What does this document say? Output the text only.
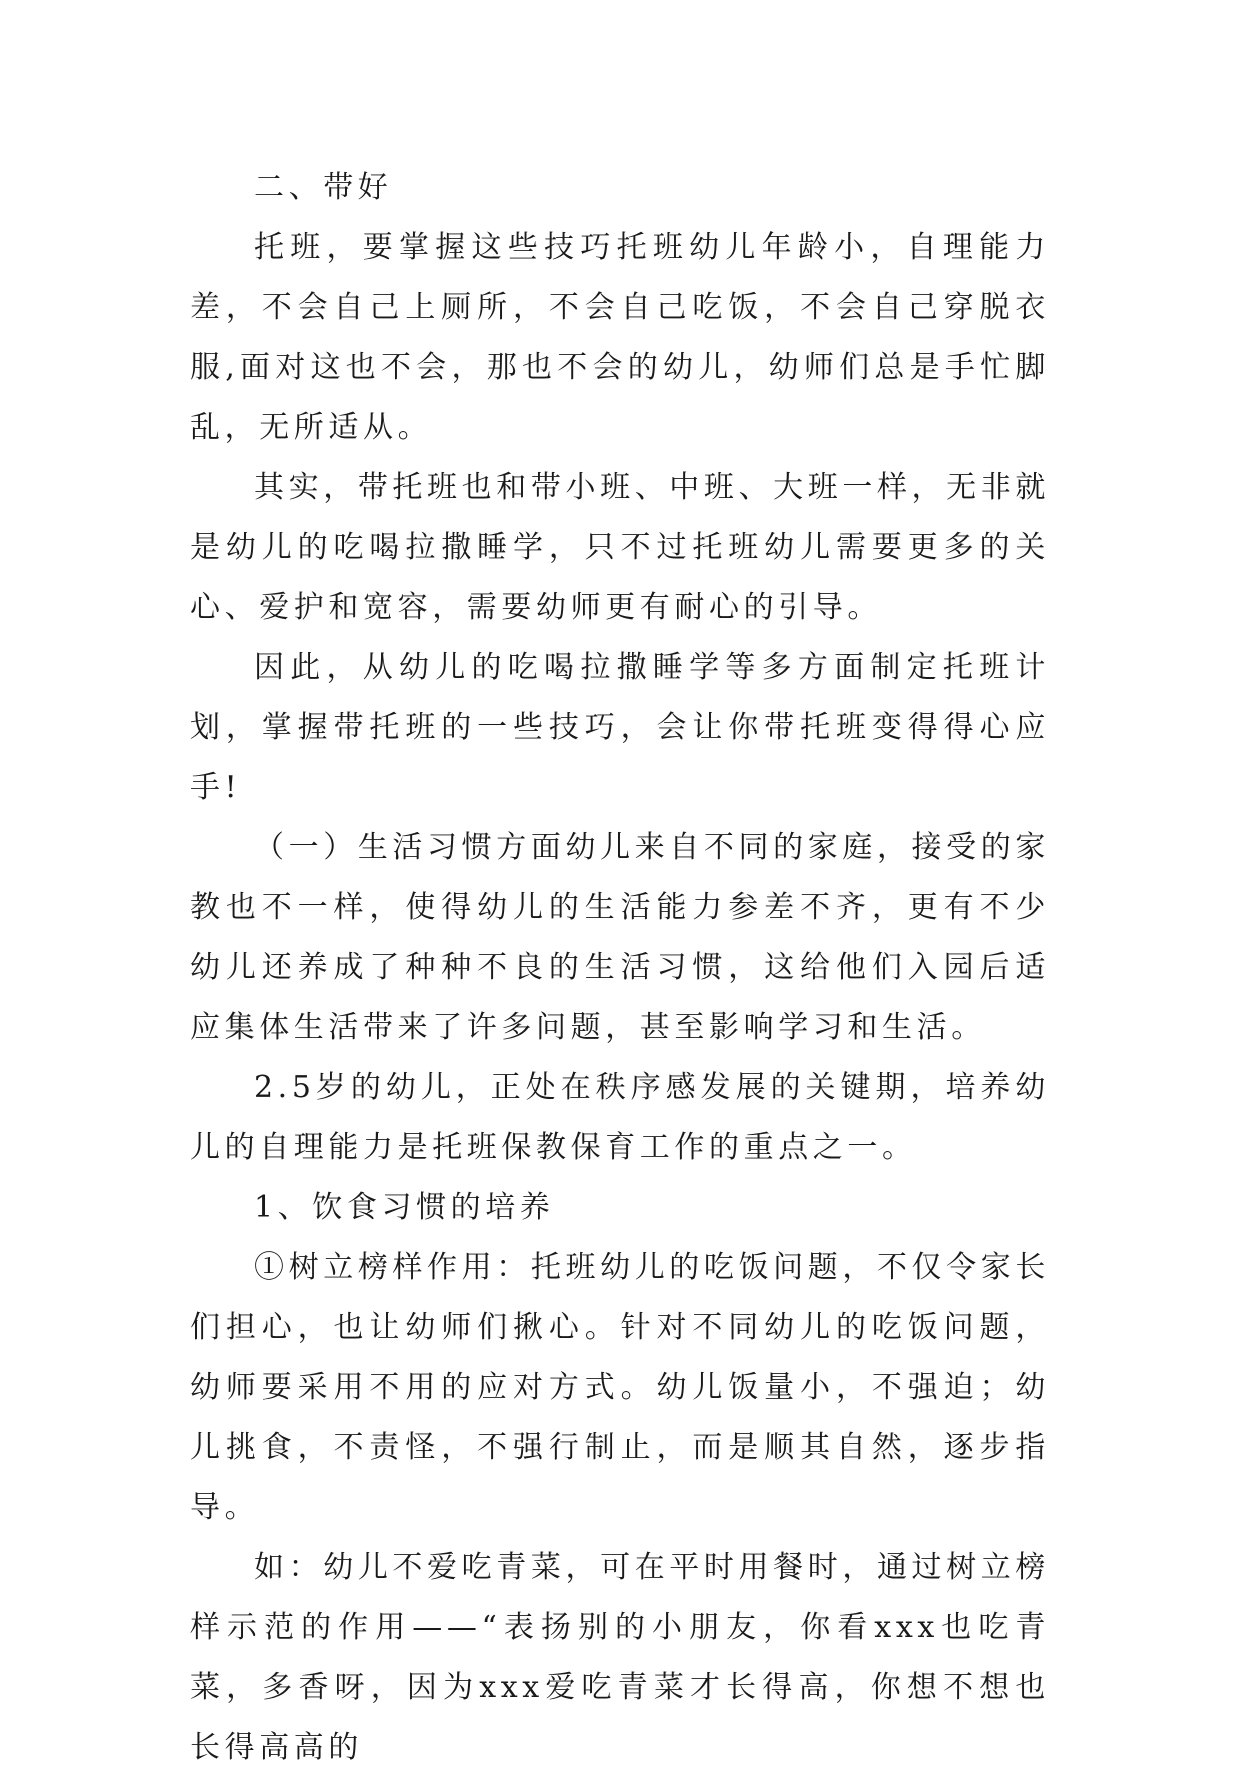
二、带好

托班，要掌握这些技巧托班幼儿年龄小，自理能力差，不会自己上厕所，不会自己吃饭，不会自己穿脱衣服,面对这也不会，那也不会的幼儿，幼师们总是手忙脚乱，无所适从。

其实，带托班也和带小班、中班、大班一样，无非就是幼儿的吃喝拉撒睡学，只不过托班幼儿需要更多的关心、爱护和宽容，需要幼师更有耐心的引导。

因此，从幼儿的吃喝拉撒睡学等多方面制定托班计划，掌握带托班的一些技巧，会让你带托班变得得心应手!

（一）生活习惯方面幼儿来自不同的家庭，接受的家教也不一样，使得幼儿的生活能力参差不齐，更有不少幼儿还养成了种种不良的生活习惯，这给他们入园后适应集体生活带来了许多问题，甚至影响学习和生活。

2.5岁的幼儿，正处在秩序感发展的关键期，培养幼儿的自理能力是托班保教保育工作的重点之一。

1、饮食习惯的培养

①树立榜样作用：托班幼儿的吃饭问题，不仅令家长们担心，也让幼师们揪心。针对不同幼儿的吃饭问题，幼师要采用不用的应对方式。幼儿饭量小，不强迫；幼儿挑食，不责怪，不强行制止，而是顺其自然，逐步指导。

如：幼儿不爱吃青菜，可在平时用餐时，通过树立榜样示范的作用——“表扬别的小朋友，你看xxx也吃青菜，多香呀，因为xxx爱吃青菜才长得高，你想不想也长得高高的
